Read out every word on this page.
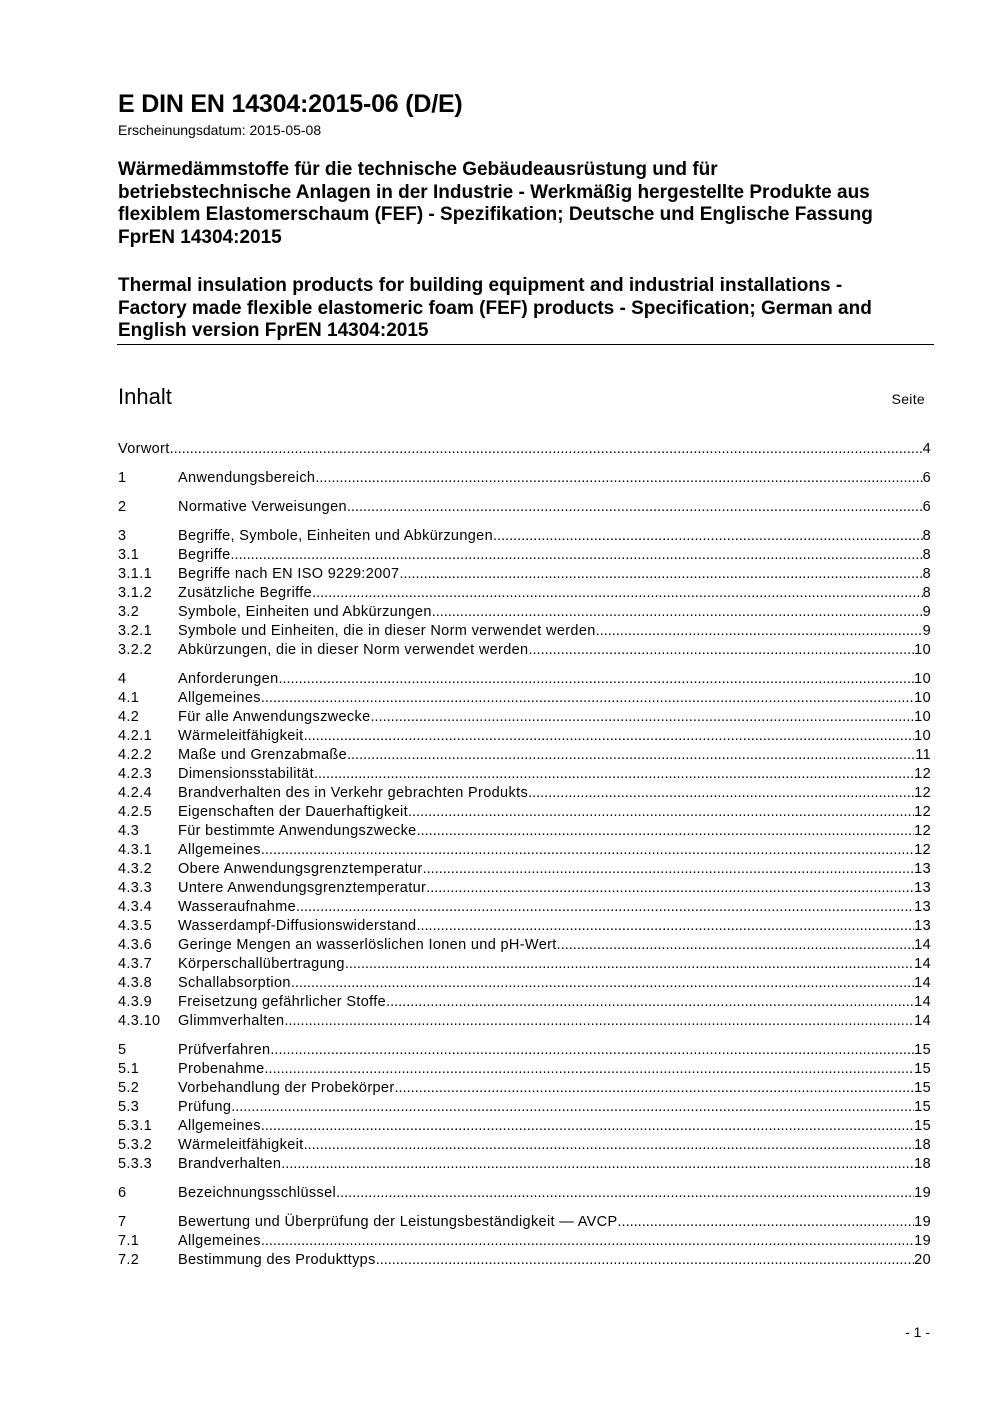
E DIN EN 14304:2015-06 (D/E)
Erscheinungsdatum: 2015-05-08
Wärmedämmstoffe für die technische Gebäudeausrüstung und für
betriebstechnische Anlagen in der Industrie - Werkmäßig hergestellte Produkte aus
flexiblem Elastomerschaum (FEF) - Spezifikation; Deutsche und Englische Fassung
FprEN 14304:2015
Thermal insulation products for building equipment and industrial installations -
Factory made flexible elastomeric foam (FEF) products - Specification; German and
English version FprEN 14304:2015
Inhalt	Seite
Vorwort .....	4
1	Anwendungsbereich .....	6
2	Normative Verweisungen .....	6
3	Begriffe, Symbole, Einheiten und Abkürzungen .....	8
3.1	Begriffe .....	8
3.1.1	Begriffe nach EN ISO 9229:2007 .....	8
3.1.2	Zusätzliche Begriffe .....	8
3.2	Symbole, Einheiten und Abkürzungen .....	9
3.2.1	Symbole und Einheiten, die in dieser Norm verwendet werden .....	9
3.2.2	Abkürzungen, die in dieser Norm verwendet werden .....	10
4	Anforderungen .....	10
4.1	Allgemeines .....	10
4.2	Für alle Anwendungszwecke .....	10
4.2.1	Wärmeleitfähigkeit .....	10
4.2.2	Maße und Grenzabmaße .....	11
4.2.3	Dimensionsstabilität .....	12
4.2.4	Brandverhalten des in Verkehr gebrachten Produkts .....	12
4.2.5	Eigenschaften der Dauerhaftigkeit .....	12
4.3	Für bestimmte Anwendungszwecke .....	12
4.3.1	Allgemeines .....	12
4.3.2	Obere Anwendungsgrenztemperatur .....	13
4.3.3	Untere Anwendungsgrenztemperatur .....	13
4.3.4	Wasseraufnahme .....	13
4.3.5	Wasserdampf-Diffusionswiderstand .....	13
4.3.6	Geringe Mengen an wasserlöslichen Ionen und pH-Wert .....	14
4.3.7	Körperschallübertragung .....	14
4.3.8	Schallabsorption .....	14
4.3.9	Freisetzung gefährlicher Stoffe .....	14
4.3.10	Glimmverhalten .....	14
5	Prüfverfahren .....	15
5.1	Probenahme .....	15
5.2	Vorbehandlung der Probekörper .....	15
5.3	Prüfung .....	15
5.3.1	Allgemeines .....	15
5.3.2	Wärmeleitfähigkeit .....	18
5.3.3	Brandverhalten .....	18
6	Bezeichnungsschlüssel .....	19
7	Bewertung und Überprüfung der Leistungsbeständigkeit — AVCP .....	19
7.1	Allgemeines .....	19
7.2	Bestimmung des Produkttyps .....	20
- 1 -
